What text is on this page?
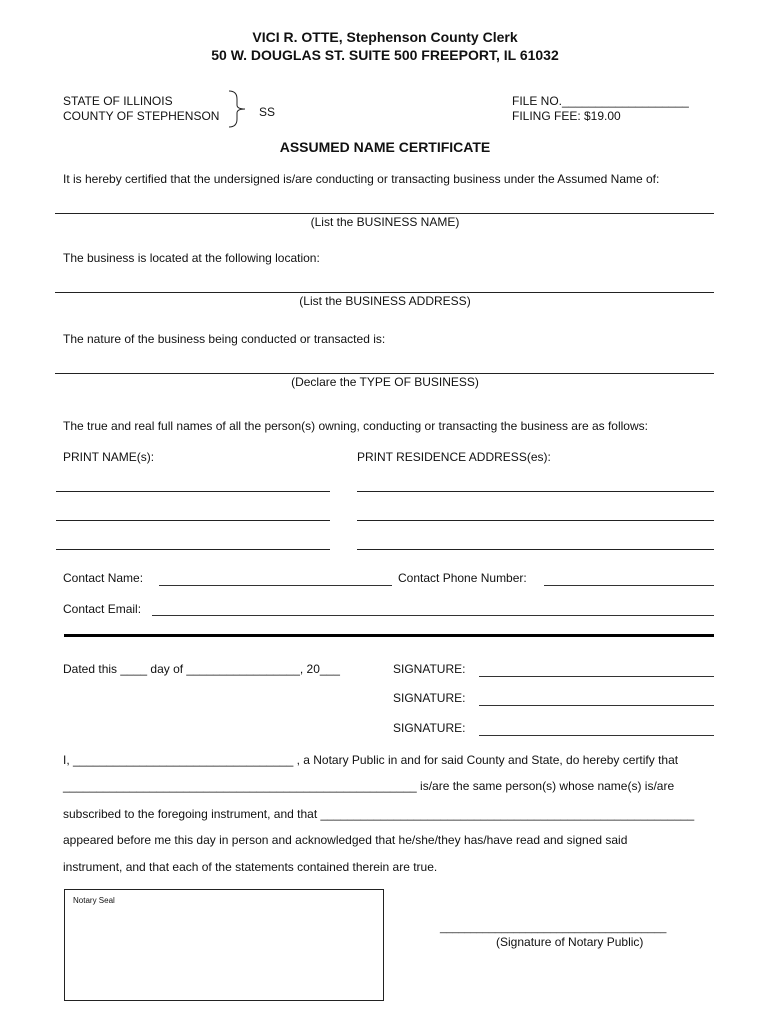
VICI R. OTTE, Stephenson County Clerk
50 W. DOUGLAS ST. SUITE 500 FREEPORT, IL 61032
STATE OF ILLINOIS
COUNTY OF STEPHENSON	SS
FILE NO.___________________
FILING FEE: $19.00
ASSUMED NAME CERTIFICATE
It is hereby certified that the undersigned is/are conducting or transacting business under the Assumed Name of:
(List the BUSINESS NAME)
The business is located at the following location:
(List the BUSINESS ADDRESS)
The nature of the business being conducted or transacted is:
(Declare the TYPE OF BUSINESS)
The true and real full names of all the person(s) owning, conducting or transacting the business are as follows:
PRINT NAME(s):	PRINT RESIDENCE ADDRESS(es):
Contact Name:	Contact Phone Number:
Contact Email:
Dated this ____ day of _________________, 20___	SIGNATURE:
SIGNATURE:
SIGNATURE:
I, _________________________________ , a Notary Public in and for said County and State, do hereby certify that
_____________________________________________________ is/are the same person(s) whose name(s) is/are
subscribed to the foregoing instrument, and that ________________________________________________________
appeared before me this day in person and acknowledged that he/she/they has/have read and signed said
instrument, and that each of the statements contained therein are true.
Notary Seal
_____________________________________
(Signature of Notary Public)
